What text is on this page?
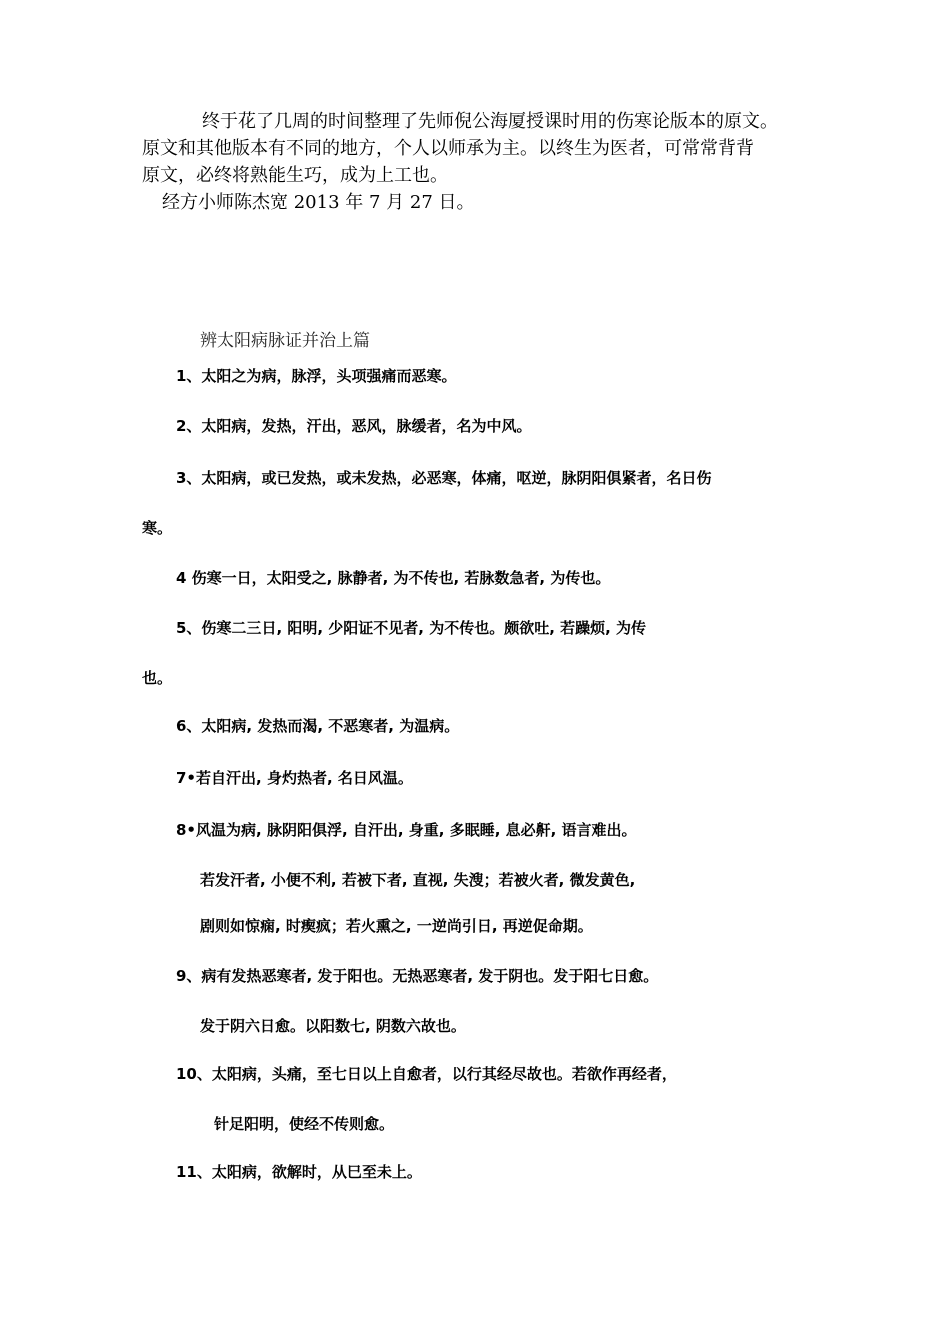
终于花了几周的时间整理了先师倪公海厦授课时用的伤寒论版本的原文。

原文和其他版本有不同的地方，个人以师承为主。以终生为医者，可常常背背

原文，必终将熟能生巧，成为上工也。

经方小师陈杰宽 2013 年 7 月 27 日。

辨太阳病脉证并治上篇
1、太阳之为病，脉浮，头项强痛而恶寒。
2、太阳病，发热，汗出，恶风，脉缓者，名为中风。
3、太阳病，或已发热，或未发热，必恶寒，体痛，呕逆，脉阴阳俱紧者，名日伤
寒。
4 伤寒一日，太阳受之, 脉静者, 为不传也, 若脉数急者, 为传也。
5、伤寒二三日, 阳明, 少阳证不见者, 为不传也。颇欲吐, 若躁烦, 为传
也。
6、太阳病, 发热而渴, 不恶寒者, 为温病。
7•若自汗出, 身灼热者, 名日风温。
8•风温为病, 脉阴阳俱浮, 自汗出, 身重, 多眠睡, 息必鼾, 语言难出。
若发汗者, 小便不利, 若被下者, 直视, 失溲；若被火者, 微发黄色,
剧则如惊痫, 时瘈疯；若火熏之, 一逆尚引日, 再逆促命期。
9、病有发热恶寒者, 发于阳也。无热恶寒者, 发于阴也。发于阳七日愈。
发于阴六日愈。以阳数七, 阴数六故也。
10、太阳病，头痛，至七日以上自愈者，以行其经尽故也。若欲作再经者，
针足阳明，使经不传则愈。
11、太阳病，欲解时，从巳至未上。
